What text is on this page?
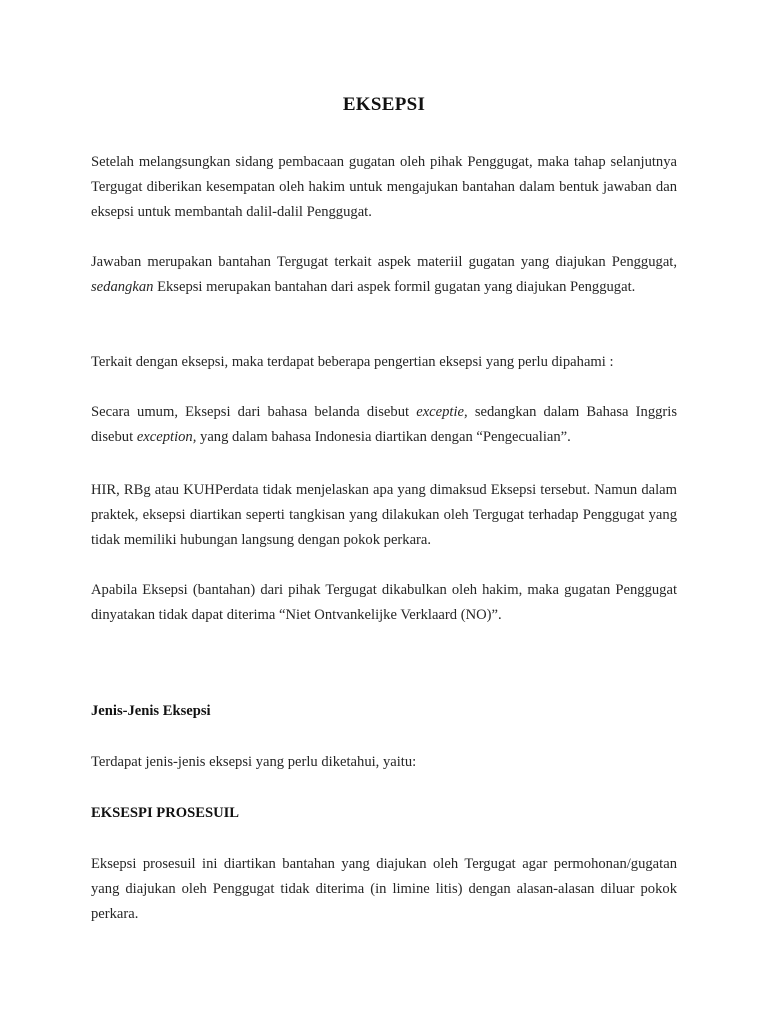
EKSEPSI

Setelah melangsungkan sidang pembacaan gugatan oleh pihak Penggugat, maka tahap selanjutnya Tergugat diberikan kesempatan oleh hakim untuk mengajukan bantahan dalam bentuk jawaban dan eksepsi untuk membantah dalil-dalil Penggugat.

Jawaban merupakan bantahan Tergugat terkait aspek materiil gugatan yang diajukan Penggugat, sedangkan Eksepsi merupakan bantahan dari aspek formil gugatan yang diajukan Penggugat.

Terkait dengan eksepsi, maka terdapat beberapa pengertian eksepsi yang perlu dipahami :

Secara umum, Eksepsi dari bahasa belanda disebut exceptie, sedangkan dalam Bahasa Inggris disebut exception, yang dalam bahasa Indonesia diartikan dengan “Pengecualian”.

HIR, RBg atau KUHPerdata tidak menjelaskan apa yang dimaksud Eksepsi tersebut. Namun dalam praktek, eksepsi diartikan seperti tangkisan yang dilakukan oleh Tergugat terhadap Penggugat yang tidak memiliki hubungan langsung dengan pokok perkara.

Apabila Eksepsi (bantahan) dari pihak Tergugat dikabulkan oleh hakim, maka gugatan Penggugat dinyatakan tidak dapat diterima “Niet Ontvankelijke Verklaard (NO)”.

Jenis-Jenis Eksepsi

Terdapat jenis-jenis eksepsi yang perlu diketahui, yaitu:

EKSESPI PROSESUIL

Eksepsi prosesuil ini diartikan bantahan yang diajukan oleh Tergugat agar permohonan/gugatan yang diajukan oleh Penggugat tidak diterima (in limine litis) dengan alasan-alasan diluar pokok perkara.
